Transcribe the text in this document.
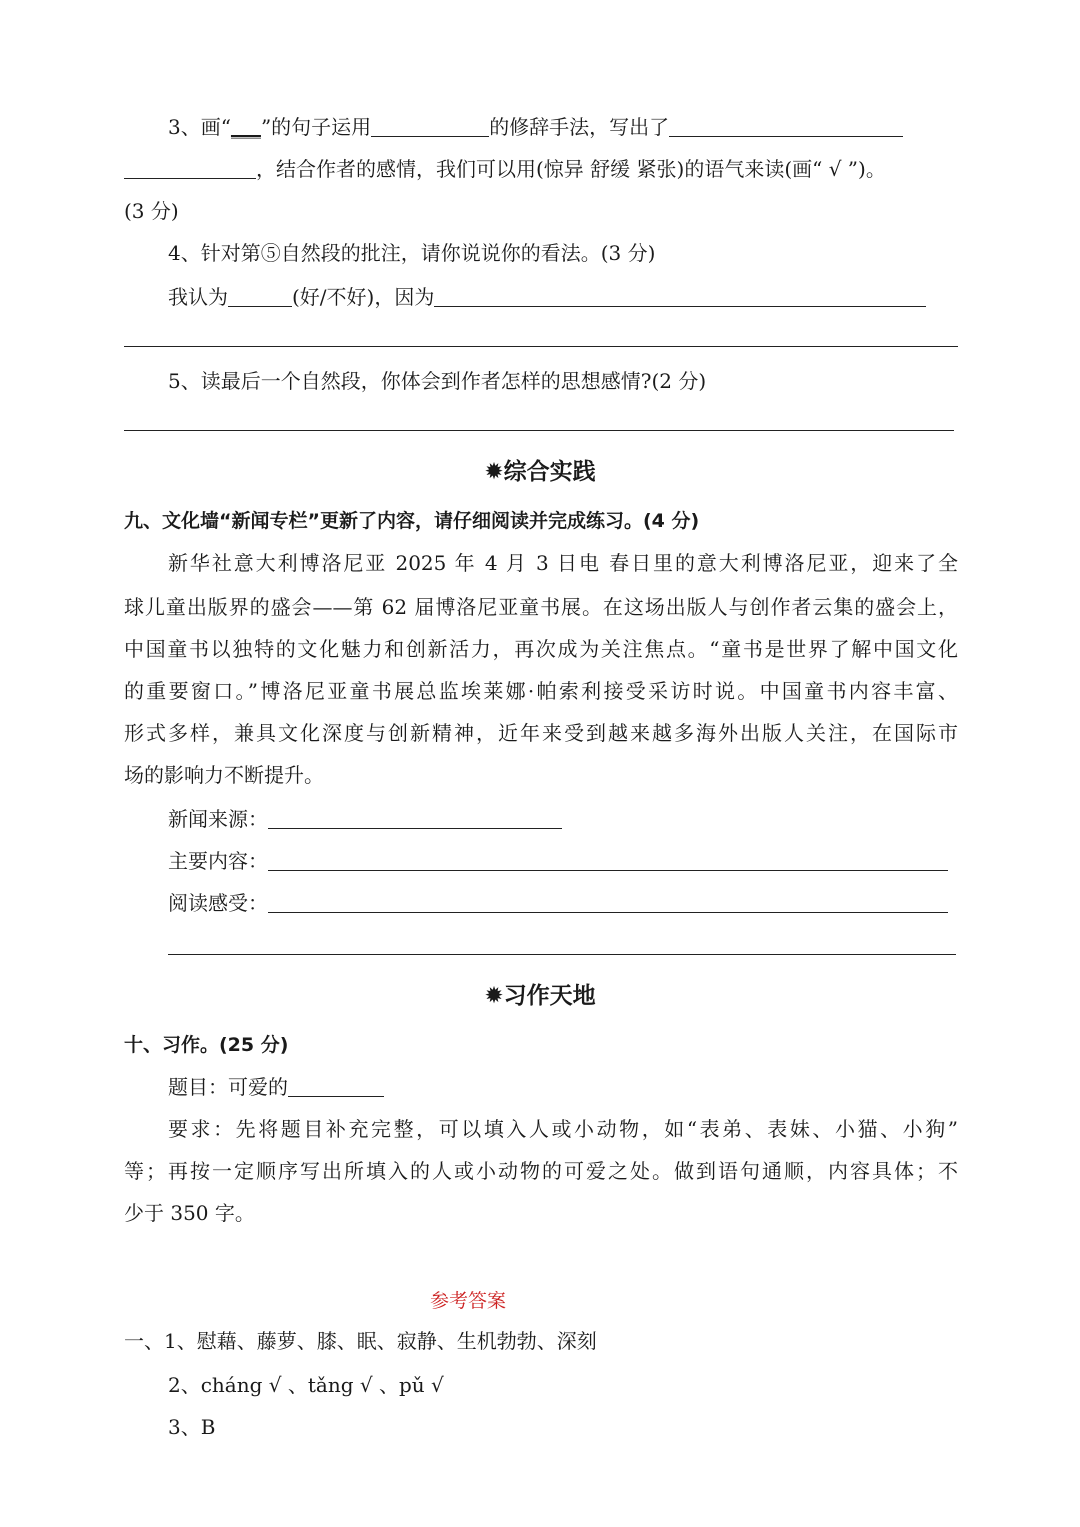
3、画“___”的句子运用	的修辞手法，写出了
，结合作者的感情，我们可以用(惊异 舒缓 紧张)的语气来读(画“ √ ”)。
(3 分)
4、针对第⑤自然段的批注，请你说说你的看法。(3 分)
我认为	(好/不好)，因为
5、读最后一个自然段，你体会到作者怎样的思想感情?(2 分)
✹综合实践
九、文化墙“新闻专栏”更新了内容，请仔细阅读并完成练习。(4 分)
新华社意大利博洛尼亚 2025 年 4 月 3 日电 春日里的意大利博洛尼亚，迎来了全
球儿童出版界的盛会——第 62 届博洛尼亚童书展。在这场出版人与创作者云集的盛会上，
中国童书以独特的文化魅力和创新活力，再次成为关注焦点。“童书是世界了解中国文化
的重要窗口。”博洛尼亚童书展总监埃莱娜·帕索利接受采访时说。中国童书内容丰富、
形式多样，兼具文化深度与创新精神，近年来受到越来越多海外出版人关注，在国际市
场的影响力不断提升。
新闻来源：
主要内容：
阅读感受：
✹习作天地
十、习作。(25 分)
题目：可爱的
要求：先将题目补充完整，可以填入人或小动物，如“表弟、表妹、小猫、小狗”
等；再按一定顺序写出所填入的人或小动物的可爱之处。做到语句通顺，内容具体；不
少于 350 字。
参考答案
一、1、慰藉、藤萝、膝、眠、寂静、生机勃勃、深刻
2、cháng √ 、tǎng √ 、pǔ √
3、B
